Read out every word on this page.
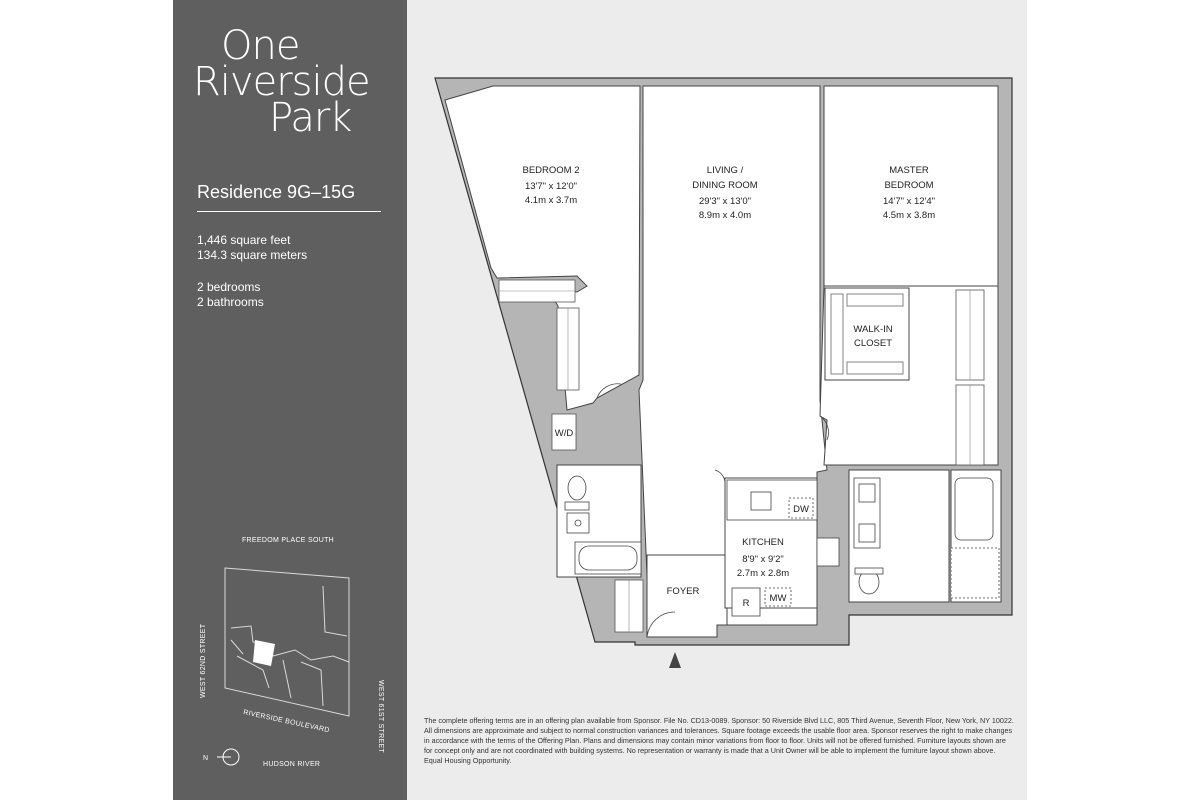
One
Riverside
Park
Residence 9G–15G
1,446 square feet
134.3 square meters
2 bedrooms
2 bathrooms
FREEDOM PLACE SOUTH
WEST 62ND STREET
WEST 61ST STREET
RIVERSIDE BOULEVARD
HUDSON RIVER
N
BEDROOM 2
13'7" x 12'0"
4.1m x 3.7m
LIVING /
DINING ROOM
29'3" x 13'0"
8.9m x 4.0m
MASTER
BEDROOM
14'7" x 12'4"
4.5m x 3.8m
WALK-IN
CLOSET
KITCHEN
8'9" x 9'2"
2.7m x 2.8m
FOYER
W/D
DW
R MW
The complete offering terms are in an offering plan available from Sponsor. File No. CD13-0089. Sponsor: 50 Riverside Blvd LLC, 805 Third Avenue, Seventh Floor, New York, NY 10022. All dimensions are approximate and subject to normal construction variances and tolerances. Square footage exceeds the usable floor area. Sponsor reserves the right to make changes in accordance with the terms of the Offering Plan. Plans and dimensions may contain minor variations from floor to floor. Units will not be offered furnished. Furniture layouts shown are for concept only and are not coordinated with building systems. No representation or warranty is made that a Unit Owner will be able to implement the furniture layout shown above. Equal Housing Opportunity.
